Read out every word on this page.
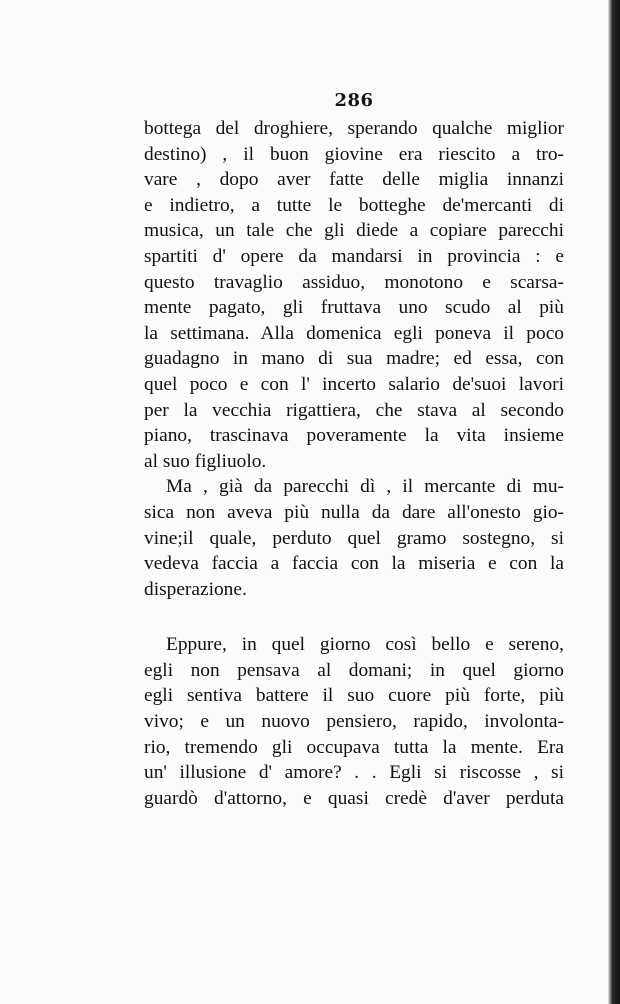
286
bottega del droghiere, sperando qualche miglior
destino) , il buon giovine era riescito a tro-
vare , dopo aver fatte delle miglia innanzi
e indietro, a tutte le botteghe de'mercanti di
musica, un tale che gli diede a copiare parecchi
spartiti d' opere da mandarsi in provincia : e
questo travaglio assiduo, monotono e scarsa-
mente pagato, gli fruttava uno scudo al più
la settimana. Alla domenica egli poneva il poco
guadagno in mano di sua madre; ed essa, con
quel poco e con l' incerto salario de'suoi lavori
per la vecchia rigattiera, che stava al secondo
piano, trascinava poveramente la vita insieme
al suo figliuolo.
Ma , già da parecchi dì , il mercante di mu-
sica non aveva più nulla da dare all'onesto gio-
vine;il quale, perduto quel gramo sostegno, si
vedeva faccia a faccia con la miseria e con la
disperazione.
Eppure, in quel giorno così bello e sereno,
egli non pensava al domani; in quel giorno
egli sentiva battere il suo cuore più forte, più
vivo; e un nuovo pensiero, rapido, involonta-
rio, tremendo gli occupava tutta la mente. Era
un' illusione d' amore? . . Egli si riscosse , si
guardò d'attorno, e quasi credè d'aver perduta
